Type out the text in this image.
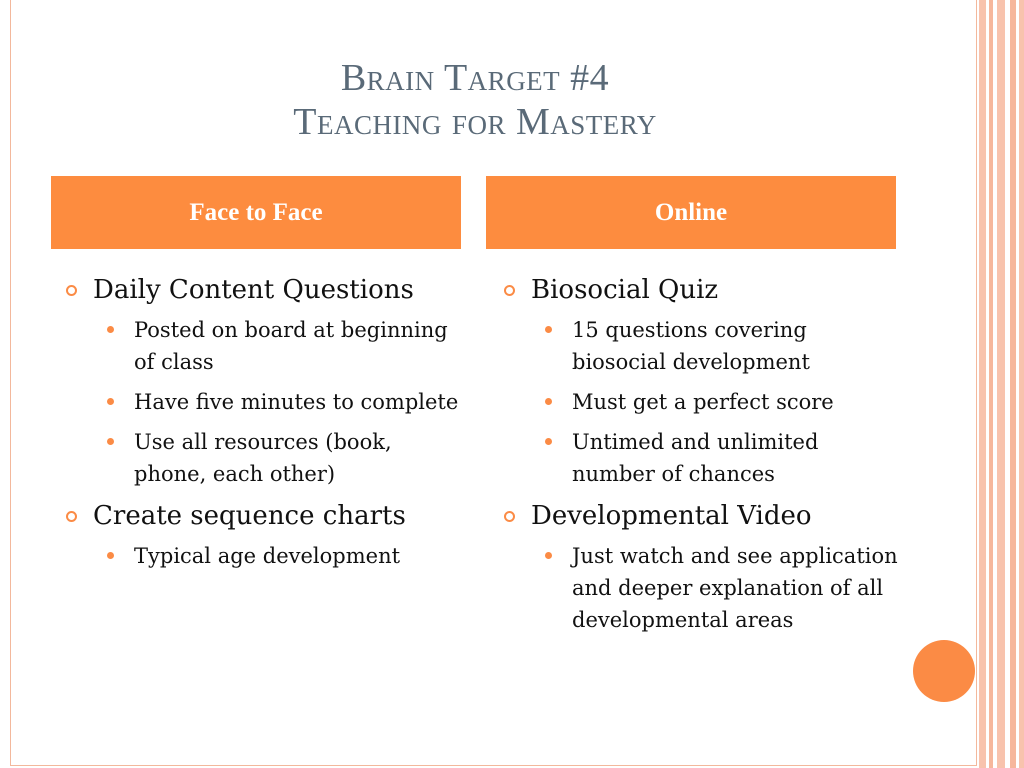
Brain Target #4
Teaching for Mastery
Face to Face	Online
Daily Content Questions
Posted on board at beginning of class
Have five minutes to complete
Use all resources (book, phone, each other)
Create sequence charts
Typical age development
Biosocial Quiz
15 questions covering biosocial development
Must get a perfect score
Untimed and unlimited number of chances
Developmental Video
Just watch and see application and deeper explanation of all developmental areas
